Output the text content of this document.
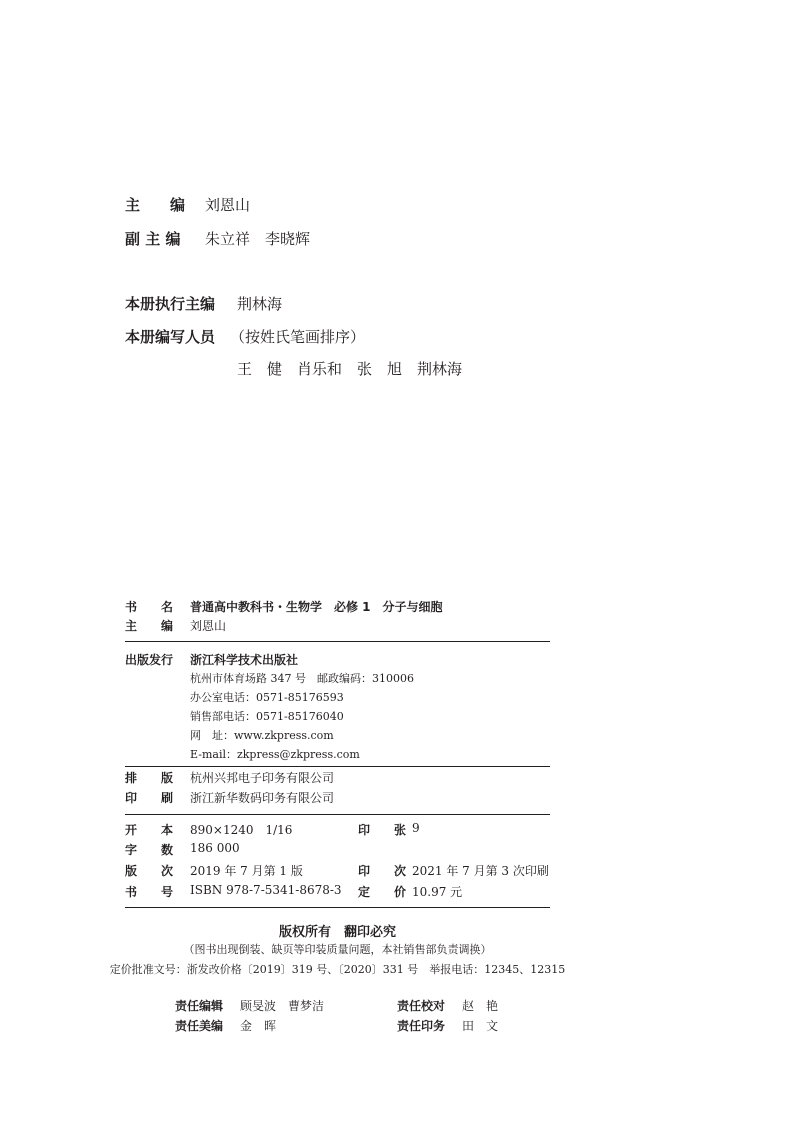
主　　编 刘恩山
副 主 编 朱立祥　李晓辉
本册执行主编 荆林海
本册编写人员 （按姓氏笔画排序）
王　健　肖乐和　张　旭　荆林海
书　　名 普通高中教科书・生物学　必修 1　分子与细胞
主　　编 刘恩山
出版发行 浙江科学技术出版社
杭州市体育场路 347 号　邮政编码：310006
办公室电话：0571-85176593
销售部电话：0571-85176040
网　址：www.zkpress.com
E-mail：zkpress@zkpress.com
排　　版 杭州兴邦电子印务有限公司
印　　刷 浙江新华数码印务有限公司
开　　本 890×1240　1/16	印　　张 9
字　　数 186 000
版　　次 2019 年 7 月第 1 版	印　　次 2021 年 7 月第 3 次印刷
书　　号 ISBN 978-7-5341-8678-3 定　　价 10.97 元
版权所有　翻印必究
（图书出现倒装、缺页等印装质量问题，本社销售部负责调换）
定价批准文号：浙发改价格〔2019〕319 号、〔2020〕331 号　举报电话：12345、12315
责任编辑 顾旻波　曹梦洁	责任校对 赵　艳
责任美编 金　晖	责任印务 田　文
